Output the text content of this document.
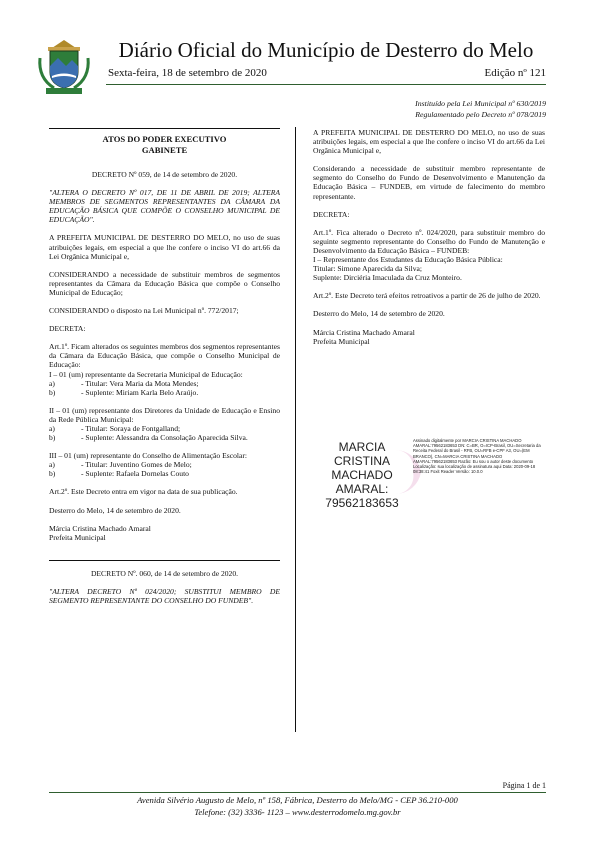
Diário Oficial do Município de Desterro do Melo
Sexta-feira, 18 de setembro de 2020	Edição nº 121
Instituído pela Lei Municipal nº 630/2019
Regulamentado pelo Decreto nº 078/2019
ATOS DO PODER EXECUTIVO
GABINETE

DECRETO Nº 059, de 14 de setembro de 2020.

"ALTERA O DECRETO Nº 017, DE 11 DE ABRIL DE 2019; ALTERA MEMBROS DE SEGMENTOS REPRESENTANTES DA CÂMARA DA EDUCAÇÃO BÁSICA QUE COMPÕE O CONSELHO MUNICIPAL DE EDUCAÇÃO".

A PREFEITA MUNICIPAL DE DESTERRO DO MELO, no uso de suas atribuições legais, em especial a que lhe confere o inciso VI do art.66 da Lei Orgânica Municipal e,

CONSIDERANDO a necessidade de substituir membros de segmentos representantes da Câmara da Educação Básica que compõe o Conselho Municipal de Educação;

CONSIDERANDO o disposto na Lei Municipal nº. 772/2017;

DECRETA:

Art.1º. Ficam alterados os seguintes membros dos segmentos representantes da Câmara da Educação Básica, que compõe o Conselho Municipal de Educação:

I – 01 (um) representante da Secretaria Municipal de Educação:

a)	- Titular: Vera Maria da Mota Mendes;
b)	- Suplente: Miriam Karla Belo Araújo.

II – 01 (um) representante dos Diretores da Unidade de Educação e Ensino da Rede Pública Municipal:

a)	- Titular: Soraya de Fontgalland;
b)	- Suplente: Alessandra da Consolação Aparecida Silva.

III – 01 (um) representante do Conselho de Alimentação Escolar:

a)	- Titular: Juventino Gomes de Melo;
b)	- Suplente: Rafaela Dornelas Couto

Art.2º. Este Decreto entra em vigor na data de sua publicação.

Desterro do Melo, 14 de setembro de 2020.

Márcia Cristina Machado Amaral

Prefeita Municipal

DECRETO Nº. 060, de 14 de setembro de 2020.

"ALTERA DECRETO Nº 024/2020; SUBSTITUI MEMBRO DE SEGMENTO REPRESENTANTE DO CONSELHO DO FUNDEB".

A PREFEITA MUNICIPAL DE DESTERRO DO MELO, no uso de suas atribuições legais, em especial a que lhe confere o inciso VI do art.66 da Lei Orgânica Municipal e,

Considerando a necessidade de substituir membro representante de segmento do Conselho do Fundo de Desenvolvimento e Manutenção da Educação Básica – FUNDEB, em virtude de falecimento do membro representante.

DECRETA:

Art.1º. Fica alterado o Decreto nº. 024/2020, para substituir membro do seguinte segmento representante do Conselho do Fundo de Manutenção e Desenvolvimento da Educação Básica – FUNDEB:

I – Representante dos Estudantes da Educação Básica Pública:

Titular: Simone Aparecida da Silva;

Suplente: Dirciéria Imaculada da Cruz Monteiro.

Art.2º. Este Decreto terá efeitos retroativos a partir de 26 de julho de 2020.

Desterro do Melo, 14 de setembro de 2020.

Márcia Cristina Machado Amaral

Prefeita Municipal

MARCIA CRISTINA
MACHADO
AMARAL:
79562183653
Assinado digitalmente por MARCIA CRISTINA MACHADO AMARAL:79562183653 DN: C=BR, O=ICP-Brasil, OU=Secretaria da Receita Federal do Brasil - RFB, OU=RFB e-CPF A3, OU=(EM BRANCO), CN=MARCIA CRISTINA MACHADO AMARAL:79562183653 Razão: Eu sou o autor deste documento Localização: sua localização de assinatura aqui Data: 2020-09-18 08:38:41 Foxit Reader Versão: 10.0.0
Página 1 de 1
Avenida Silvério Augusto de Melo, nº 158, Fábrica, Desterro do Melo/MG - CEP 36.210-000
Telefone: (32) 3336- 1123 – www.desterrodomelo.mg.gov.br
